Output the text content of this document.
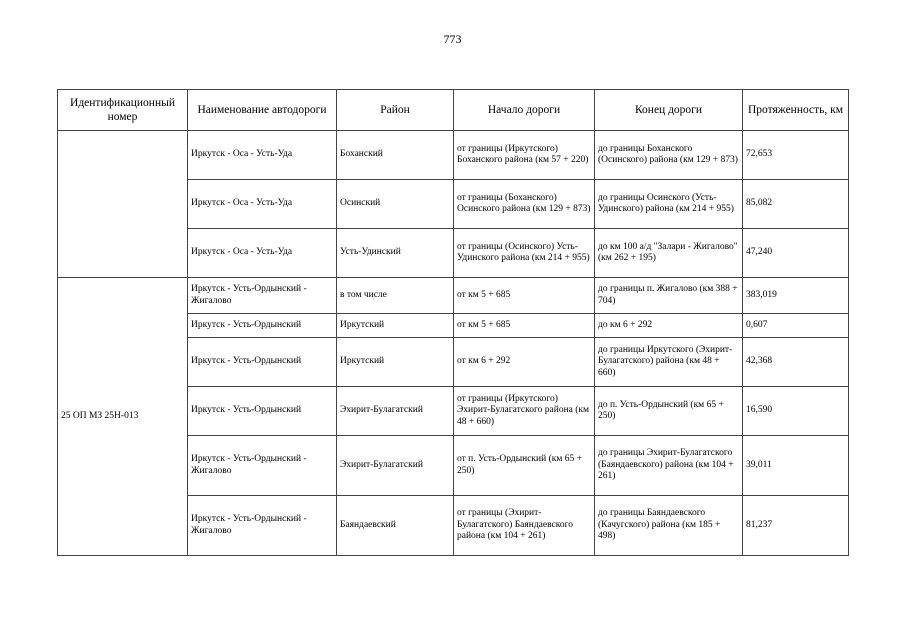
773
Идентификационный номер	Наименование автодороги	Район	Начало дороги	Конец дороги	Протяженность, км
	Иркутск - Оса - Усть-Уда	Боханский	от границы (Иркутского) Боханского района (км 57 + 220)	до границы Боханского (Осинского) района (км 129 + 873)	72,653
	Иркутск - Оса - Усть-Уда	Осинский	от границы (Боханского) Осинского района (км 129 + 873)	до границы Осинского (Усть-Удинского) района (км 214 + 955)	85,082
	Иркутск - Оса - Усть-Уда	Усть-Удинский	от границы (Осинского) Усть-Удинского района (км 214 + 955)	до км 100 а/д "Залари - Жигалово" (км 262 + 195)	47,240
25 ОП МЗ 25Н-013	Иркутск - Усть-Ордынский - Жигалово	в том числе	от км 5 + 685	до границы п. Жигалово (км 388 + 704)	383,019
	Иркутск - Усть-Ордынский	Иркутский	от км 5 + 685	до км 6 + 292	0,607
	Иркутск - Усть-Ордынский	Иркутский	от км 6 + 292	до границы Иркутского (Эхирит-Булагатского) района (км 48 + 660)	42,368
	Иркутск - Усть-Ордынский	Эхирит-Булагатский	от границы (Иркутского) Эхирит-Булагатского района (км 48 + 660)	до п. Усть-Ордынский (км 65 + 250)	16,590
	Иркутск - Усть-Ордынский - Жигалово	Эхирит-Булагатский	от п. Усть-Ордынский (км 65 + 250)	до границы Эхирит-Булагатского (Баяндаевского) района (км 104 + 261)	39,011
	Иркутск - Усть-Ордынский - Жигалово	Баяндаевский	от границы (Эхирит-Булагатского) Баяндаевского района (км 104 + 261)	до границы Баяндаевского (Качугского) района (км 185 + 498)	81,237
